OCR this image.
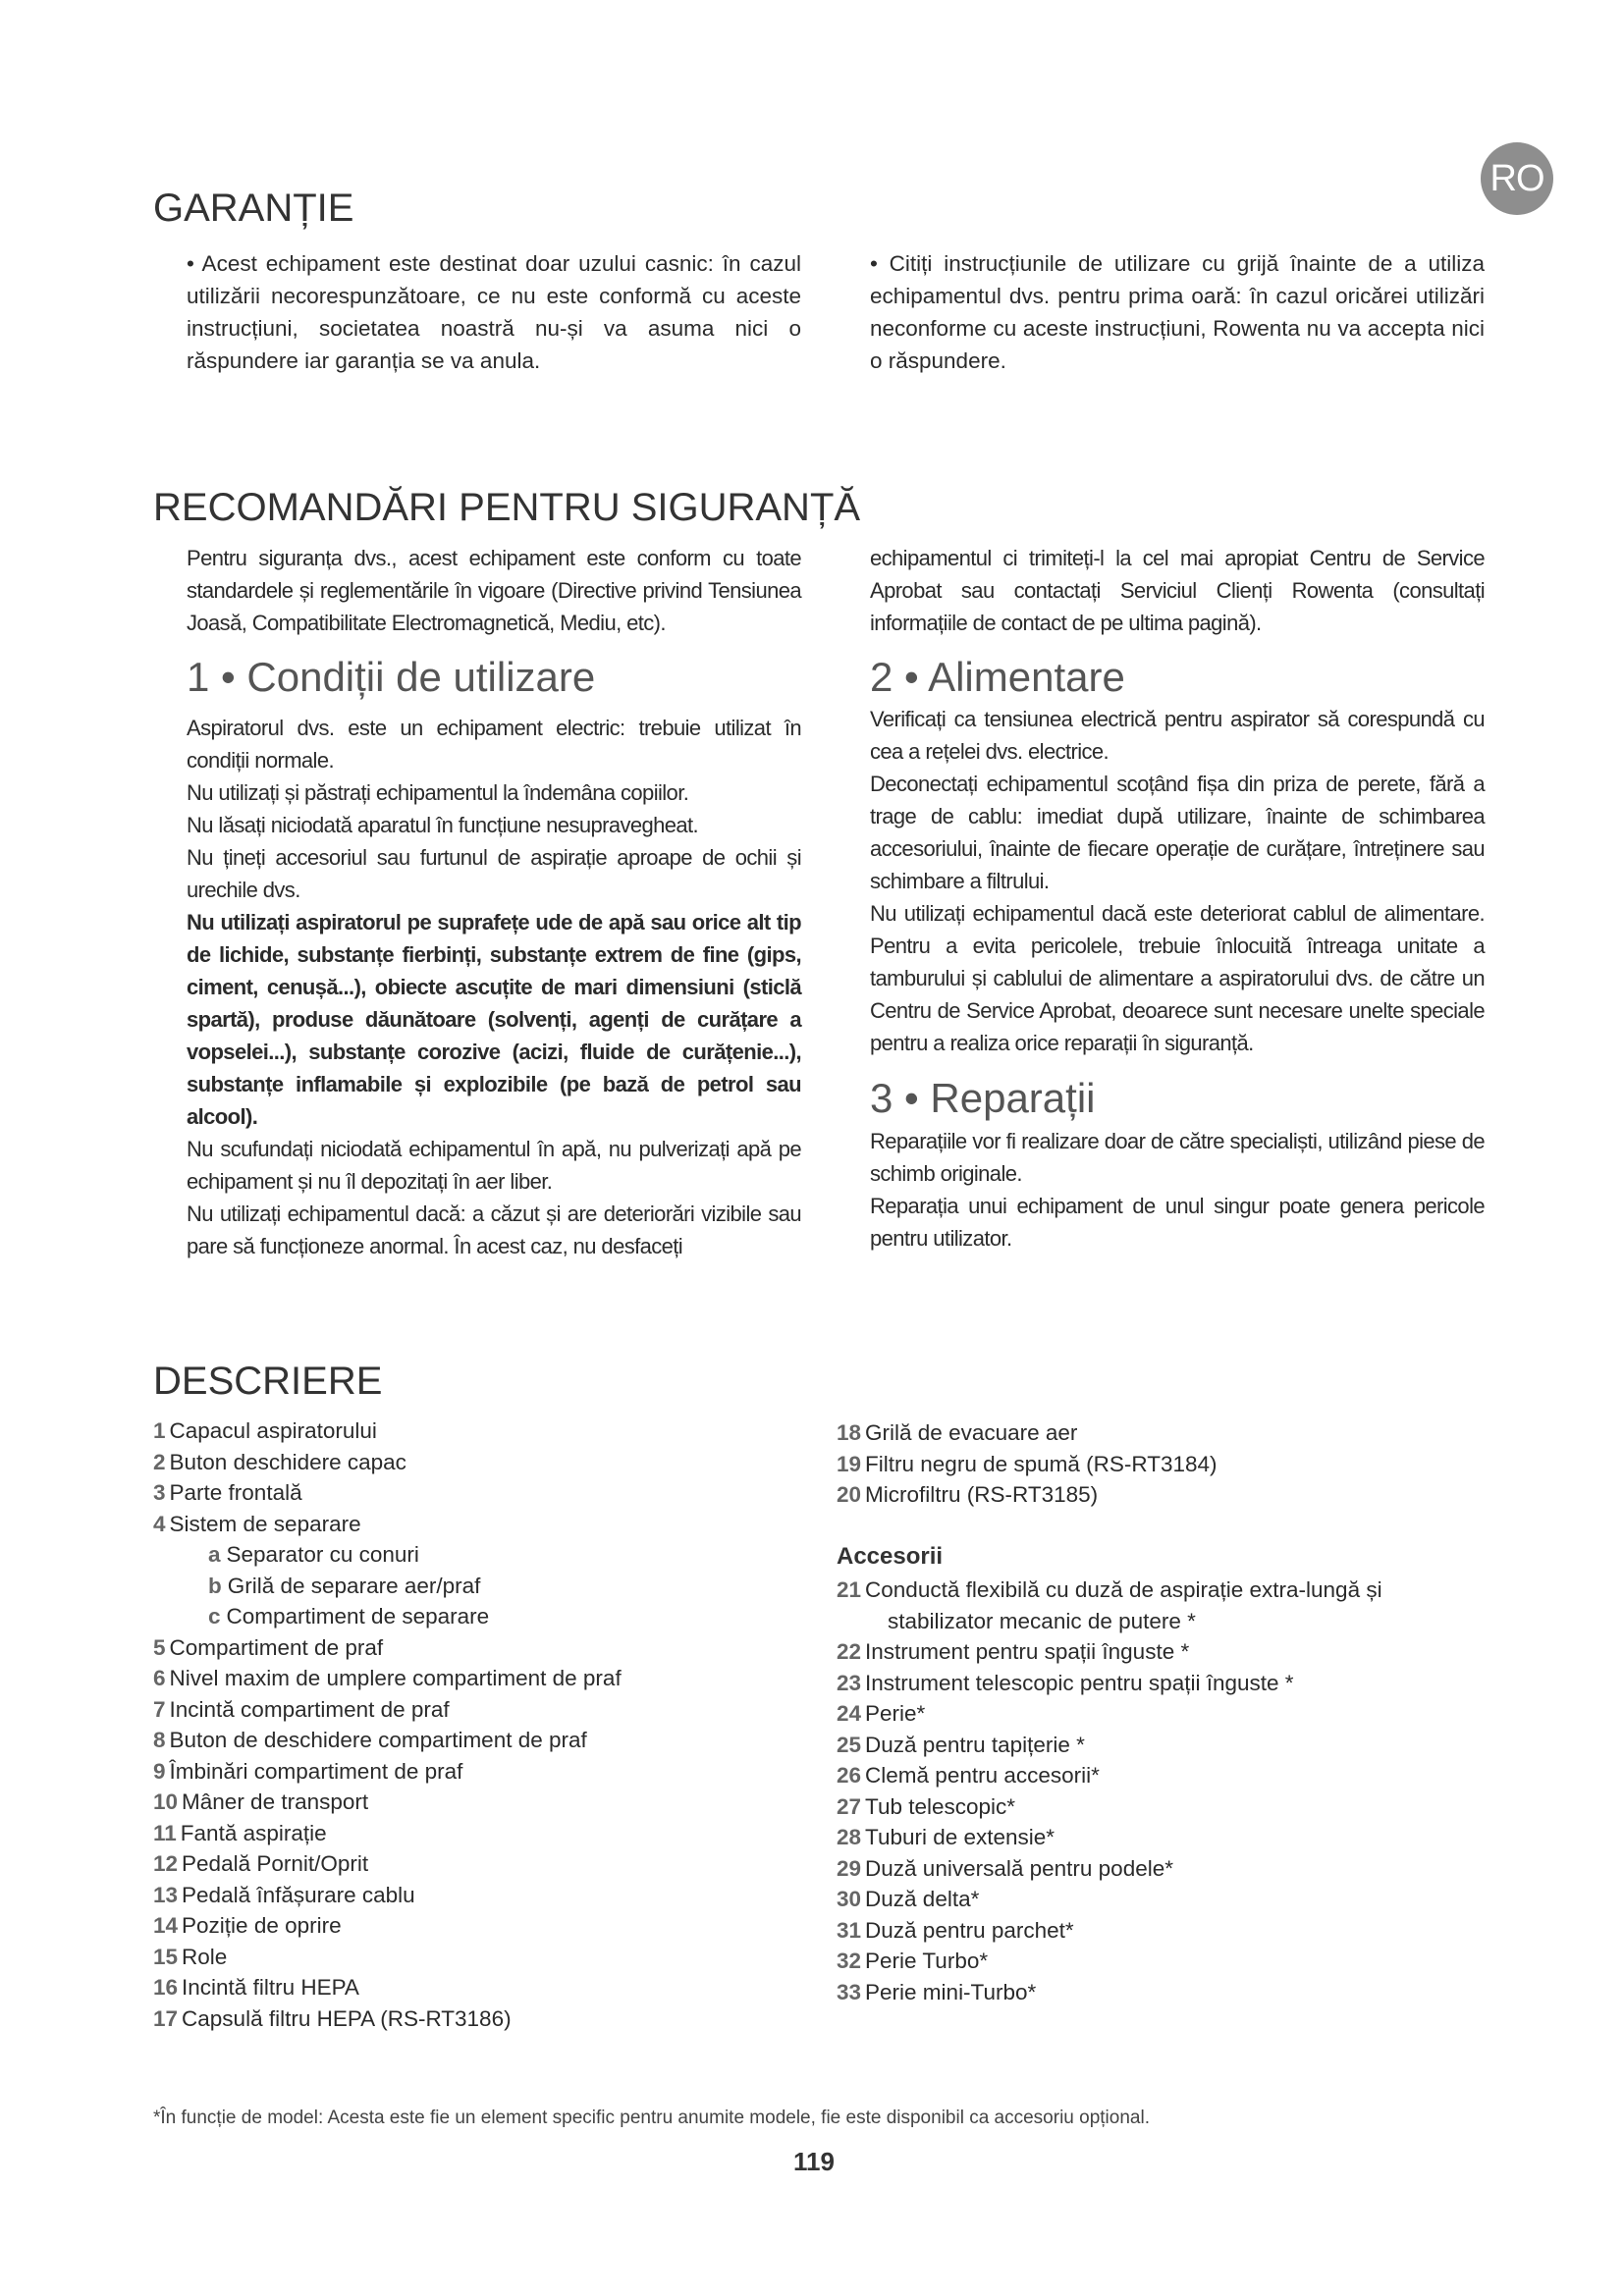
RO
GARANȚIE

• Acest echipament este destinat doar uzului casnic: în cazul utilizării necorespunzătoare, ce nu este conformă cu aceste instrucțiuni, societatea noastră nu-și va asuma nici o răspundere iar garanția se va anula.

• Citiți instrucțiunile de utilizare cu grijă înainte de a utiliza echipamentul dvs. pentru prima oară: în cazul oricărei utilizări neconforme cu aceste instrucțiuni, Rowenta nu va accepta nici o răspundere.

RECOMANDĂRI PENTRU SIGURANȚĂ

Pentru siguranța dvs., acest echipament este conform cu toate standardele și reglementările în vigoare (Directive privind Tensiunea Joasă, Compatibilitate Electromagnetică, Mediu, etc).

echipamentul ci trimiteți-l la cel mai apropiat Centru de Service Aprobat sau contactați Serviciul Clienți Rowenta (consultați informațiile de contact de pe ultima pagină).

1 • Condiții de utilizare

Aspiratorul dvs. este un echipament electric: trebuie utilizat în condiții normale.

Nu utilizați și păstrați echipamentul la îndemâna copiilor.

Nu lăsați niciodată aparatul în funcțiune nesupravegheat.

Nu țineți accesoriul sau furtunul de aspirație aproape de ochii și urechile dvs.

Nu utilizați aspiratorul pe suprafețe ude de apă sau orice alt tip de lichide, substanțe fierbinți, substanțe extrem de fine (gips, ciment, cenușă...), obiecte ascuțite de mari dimensiuni (sticlă spartă), produse dăunătoare (solvenți, agenți de curățare a vopselei...), substanțe corozive (acizi, fluide de curățenie...), substanțe inflamabile și explozibile (pe bază de petrol sau alcool).

Nu scufundați niciodată echipamentul în apă, nu pulverizați apă pe echipament și nu îl depozitați în aer liber.

Nu utilizați echipamentul dacă: a căzut și are deteriorări vizibile sau pare să funcționeze anormal. În acest caz, nu desfaceți

2 • Alimentare

Verificați ca tensiunea electrică pentru aspirator să corespundă cu cea a rețelei dvs. electrice.

Deconectați echipamentul scoțând fișa din priza de perete, fără a trage de cablu: imediat după utilizare, înainte de schimbarea accesoriului, înainte de fiecare operație de curățare, întreținere sau schimbare a filtrului.

Nu utilizați echipamentul dacă este deteriorat cablul de alimentare. Pentru a evita pericolele, trebuie înlocuită întreaga unitate a tamburului și cablului de alimentare a aspiratorului dvs. de către un Centru de Service Aprobat, deoarece sunt necesare unelte speciale pentru a realiza orice reparații în siguranță.

3 • Reparații

Reparațiile vor fi realizare doar de către specialiști, utilizând piese de schimb originale.

Reparația unui echipament de unul singur poate genera pericole pentru utilizator.

DESCRIERE
1 Capacul aspiratorului
2 Buton deschidere capac
3 Parte frontală
4 Sistem de separare
a Separator cu conuri
b Grilă de separare aer/praf
c Compartiment de separare
5 Compartiment de praf
6 Nivel maxim de umplere compartiment de praf
7 Incintă compartiment de praf
8 Buton de deschidere compartiment de praf
9 Îmbinări compartiment de praf
10 Mâner de transport
11 Fantă aspirație
12 Pedală Pornit/Oprit
13 Pedală înfășurare cablu
14 Poziție de oprire
15 Role
16 Incintă filtru HEPA
17 Capsulă filtru HEPA (RS-RT3186)
18 Grilă de evacuare aer
19 Filtru negru de spumă (RS-RT3184)
20 Microfiltru (RS-RT3185)

Accesorii

21 Conductă flexibilă cu duză de aspirație extra-lungă și
stabilizator mecanic de putere *
22 Instrument pentru spații înguste *
23 Instrument telescopic pentru spații înguste *
24 Perie*
25 Duză pentru tapițerie *
26 Clemă pentru accesorii*
27 Tub telescopic*
28 Tuburi de extensie*
29 Duză universală pentru podele*
30 Duză delta*
31 Duză pentru parchet*
32 Perie Turbo*
33 Perie mini-Turbo*
*În funcție de model: Acesta este fie un element specific pentru anumite modele, fie este disponibil ca accesoriu opțional.
119
